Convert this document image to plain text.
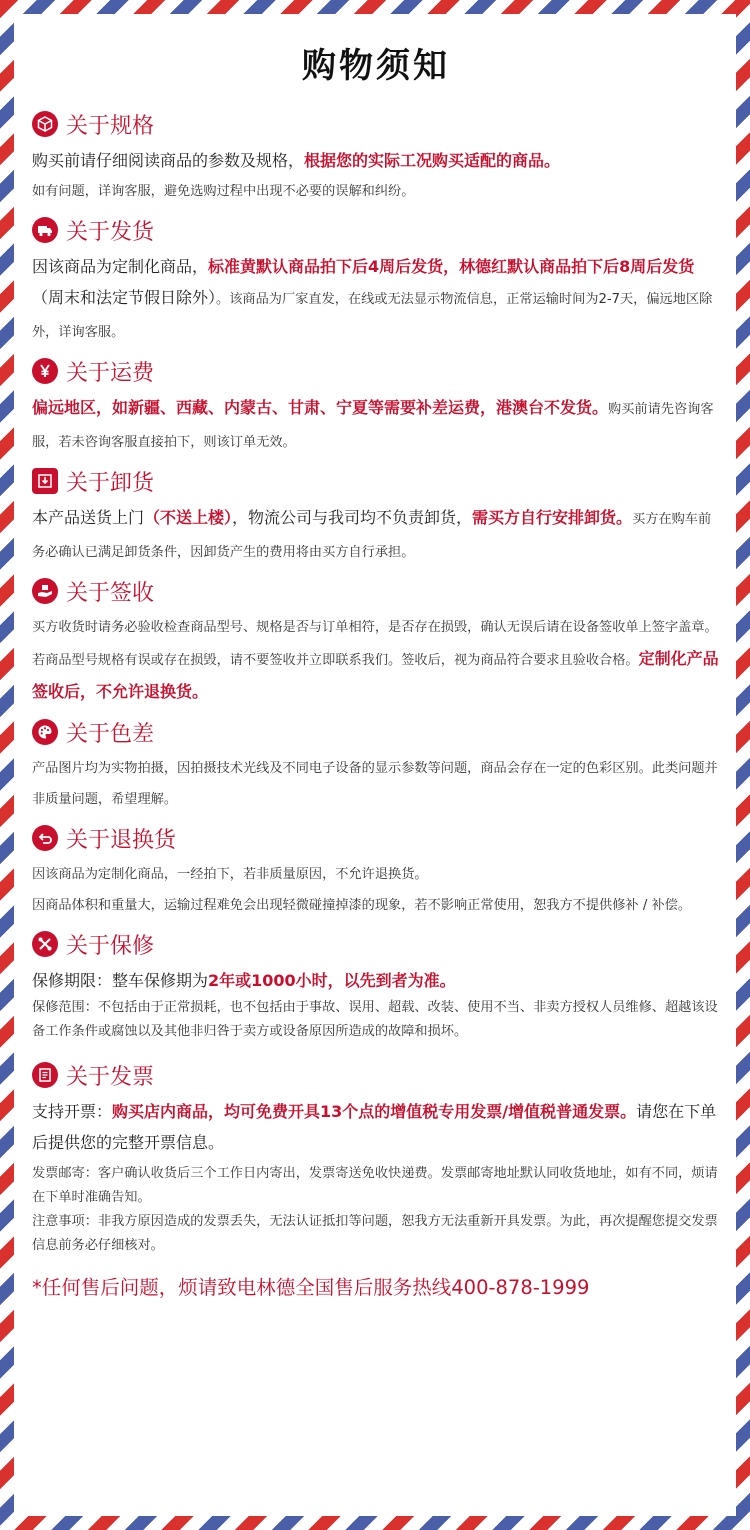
购物须知
关于规格

购买前请仔细阅读商品的参数及规格，根据您的实际工况购买适配的商品。

如有问题，详询客服，避免选购过程中出现不必要的误解和纠纷。

关于发货

因该商品为定制化商品，标准黄默认商品拍下后4周后发货，林德红默认商品拍下后8周后发货（周末和法定节假日除外）。该商品为厂家直发，在线或无法显示物流信息，正常运输时间为2-7天，偏远地区除外，详询客服。

关于运费

偏远地区，如新疆、西藏、内蒙古、甘肃、宁夏等需要补差运费，港澳台不发货。购买前请先咨询客服，若未咨询客服直接拍下，则该订单无效。

关于卸货

本产品送货上门（不送上楼），物流公司与我司均不负责卸货，需买方自行安排卸货。买方在购车前务必确认已满足卸货条件，因卸货产生的费用将由买方自行承担。

关于签收

买方收货时请务必验收检查商品型号、规格是否与订单相符，是否存在损毁，确认无误后请在设备签收单上签字盖章。若商品型号规格有误或存在损毁，请不要签收并立即联系我们。签收后，视为商品符合要求且验收合格。定制化产品签收后，不允许退换货。

关于色差

产品图片均为实物拍摄，因拍摄技术光线及不同电子设备的显示参数等问题，商品会存在一定的色彩区别。此类问题并非质量问题，希望理解。

关于退换货

因该商品为定制化商品，一经拍下，若非质量原因，不允许退换货。

因商品体积和重量大，运输过程难免会出现轻微碰撞掉漆的现象，若不影响正常使用，恕我方不提供修补 / 补偿。

关于保修

保修期限：整车保修期为2年或1000小时，以先到者为准。

保修范围：不包括由于正常损耗，也不包括由于事故、误用、超载、改装、使用不当、非卖方授权人员维修、超越该设备工作条件或腐蚀以及其他非归咎于卖方或设备原因所造成的故障和损坏。

关于发票

支持开票：购买店内商品，均可免费开具13个点的增值税专用发票/增值税普通发票。请您在下单后提供您的完整开票信息。

发票邮寄：客户确认收货后三个工作日内寄出，发票寄送免收快递费。发票邮寄地址默认同收货地址，如有不同，烦请在下单时准确告知。

注意事项：非我方原因造成的发票丢失，无法认证抵扣等问题，恕我方无法重新开具发票。为此，再次提醒您提交发票信息前务必仔细核对。

*任何售后问题，烦请致电林德全国售后服务热线400-878-1999
